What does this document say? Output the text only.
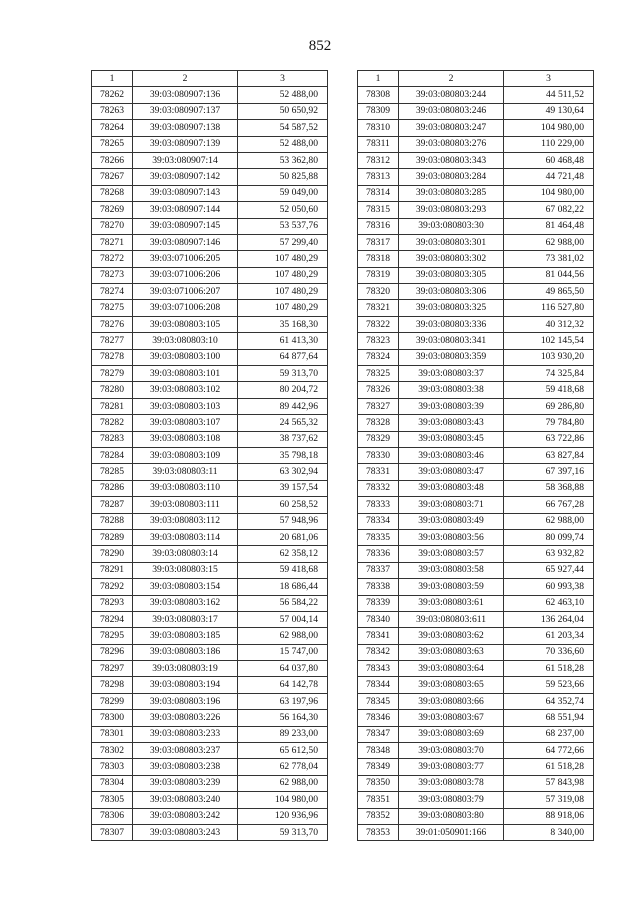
852
1	2	3
78262	39:03:080907:136	52 488,00
78263	39:03:080907:137	50 650,92
78264	39:03:080907:138	54 587,52
78265	39:03:080907:139	52 488,00
78266	39:03:080907:14	53 362,80
78267	39:03:080907:142	50 825,88
78268	39:03:080907:143	59 049,00
78269	39:03:080907:144	52 050,60
78270	39:03:080907:145	53 537,76
78271	39:03:080907:146	57 299,40
78272	39:03:071006:205	107 480,29
78273	39:03:071006:206	107 480,29
78274	39:03:071006:207	107 480,29
78275	39:03:071006:208	107 480,29
78276	39:03:080803:105	35 168,30
78277	39:03:080803:10	61 413,30
78278	39:03:080803:100	64 877,64
78279	39:03:080803:101	59 313,70
78280	39:03:080803:102	80 204,72
78281	39:03:080803:103	89 442,96
78282	39:03:080803:107	24 565,32
78283	39:03:080803:108	38 737,62
78284	39:03:080803:109	35 798,18
78285	39:03:080803:11	63 302,94
78286	39:03:080803:110	39 157,54
78287	39:03:080803:111	60 258,52
78288	39:03:080803:112	57 948,96
78289	39:03:080803:114	20 681,06
78290	39:03:080803:14	62 358,12
78291	39:03:080803:15	59 418,68
78292	39:03:080803:154	18 686,44
78293	39:03:080803:162	56 584,22
78294	39:03:080803:17	57 004,14
78295	39:03:080803:185	62 988,00
78296	39:03:080803:186	15 747,00
78297	39:03:080803:19	64 037,80
78298	39:03:080803:194	64 142,78
78299	39:03:080803:196	63 197,96
78300	39:03:080803:226	56 164,30
78301	39:03:080803:233	89 233,00
78302	39:03:080803:237	65 612,50
78303	39:03:080803:238	62 778,04
78304	39:03:080803:239	62 988,00
78305	39:03:080803:240	104 980,00
78306	39:03:080803:242	120 936,96
78307	39:03:080803:243	59 313,70
1	2	3
78308	39:03:080803:244	44 511,52
78309	39:03:080803:246	49 130,64
78310	39:03:080803:247	104 980,00
78311	39:03:080803:276	110 229,00
78312	39:03:080803:343	60 468,48
78313	39:03:080803:284	44 721,48
78314	39:03:080803:285	104 980,00
78315	39:03:080803:293	67 082,22
78316	39:03:080803:30	81 464,48
78317	39:03:080803:301	62 988,00
78318	39:03:080803:302	73 381,02
78319	39:03:080803:305	81 044,56
78320	39:03:080803:306	49 865,50
78321	39:03:080803:325	116 527,80
78322	39:03:080803:336	40 312,32
78323	39:03:080803:341	102 145,54
78324	39:03:080803:359	103 930,20
78325	39:03:080803:37	74 325,84
78326	39:03:080803:38	59 418,68
78327	39:03:080803:39	69 286,80
78328	39:03:080803:43	79 784,80
78329	39:03:080803:45	63 722,86
78330	39:03:080803:46	63 827,84
78331	39:03:080803:47	67 397,16
78332	39:03:080803:48	58 368,88
78333	39:03:080803:71	66 767,28
78334	39:03:080803:49	62 988,00
78335	39:03:080803:56	80 099,74
78336	39:03:080803:57	63 932,82
78337	39:03:080803:58	65 927,44
78338	39:03:080803:59	60 993,38
78339	39:03:080803:61	62 463,10
78340	39:03:080803:611	136 264,04
78341	39:03:080803:62	61 203,34
78342	39:03:080803:63	70 336,60
78343	39:03:080803:64	61 518,28
78344	39:03:080803:65	59 523,66
78345	39:03:080803:66	64 352,74
78346	39:03:080803:67	68 551,94
78347	39:03:080803:69	68 237,00
78348	39:03:080803:70	64 772,66
78349	39:03:080803:77	61 518,28
78350	39:03:080803:78	57 843,98
78351	39:03:080803:79	57 319,08
78352	39:03:080803:80	88 918,06
78353	39:01:050901:166	8 340,00
